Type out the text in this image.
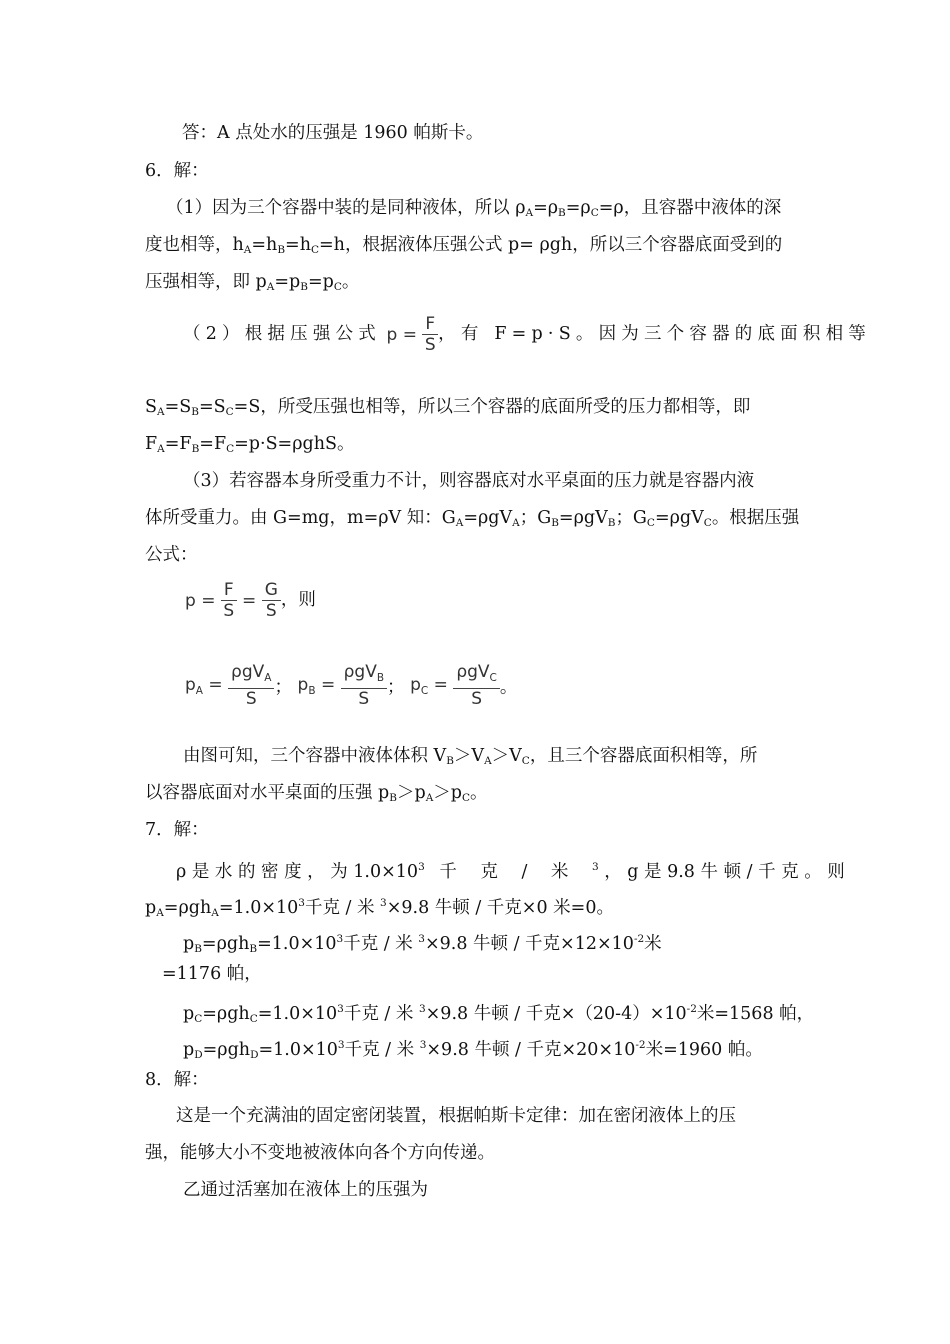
答：A 点处水的压强是 1960 帕斯卡。
6．解：
（1）因为三个容器中装的是同种液体，所以 $\rho_A=\rho_B=\rho_C=\rho$，且容器中液体的深
度也相等，$h_A=h_B=h_C=h$，根据液体压强公式 p= ρgh，所以三个容器底面受到的
压强相等，即 $p_A=p_B=p_C$。
（2）根据压强公式 $p = \frac{F}{S}$ ，有 F=p·S。因为三个容器的底面积相等
$S_A=S_B=S_C=S$，所受压强也相等，所以三个容器的底面所受的压力都相等，即
$F_A=F_B=F_C=p\cdot S=\rho ghS$。
（3）若容器本身所受重力不计，则容器底对水平桌面的压力就是容器内液
体所受重力。由 G=mg，m=ρV 知：$G_A=\rho gV_A$；$G_B=\rho gV_B$；$G_C=\rho gV_C$。根据压强
公式：
$p = \frac{F}{S} = \frac{G}{S}$ ，则
$p_A = \frac{\rho gV_A}{S}$ ； $p_B = \frac{\rho gV_B}{S}$ ； $p_C = \frac{\rho gV_C}{S}$ 。
由图可知，三个容器中液体体积 $V_B>V_A>V_C$，且三个容器底面积相等，所
以容器底面对水平桌面的压强 $p_B>p_A>p_C$。
7．解：
ρ 是 水 的 密 度 ， 为 $1.0\times 10^3$ 千 克 / 米 $^3$ ， g 是 9.8 牛 顿 / 千 克 。 则
$p_A=\rho gh_A=1.0\times 10^3$千克 / 米 $^3$×9.8 牛顿 / 千克×0 米=0。
$p_B=\rho gh_B=1.0\times 10^3$千克 / 米 $^3$×9.8 牛顿 / 千克$\times 12\times 10^{-2}$米
=1176 帕，
$p_C=\rho gh_C=1.0\times 10^3$千克 / 米 $^3$×9.8 牛顿 / 千克$\times(20-4)\times 10^{-2}$米=1568 帕，
$p_D=\rho gh_D=1.0\times 10^3$千克 / 米 $^3$×9.8 牛顿 / 千克$\times 20\times 10^{-2}$米=1960 帕。
8．解：
这是一个充满油的固定密闭装置，根据帕斯卡定律：加在密闭液体上的压
强，能够大小不变地被液体向各个方向传递。
乙通过活塞加在液体上的压强为
